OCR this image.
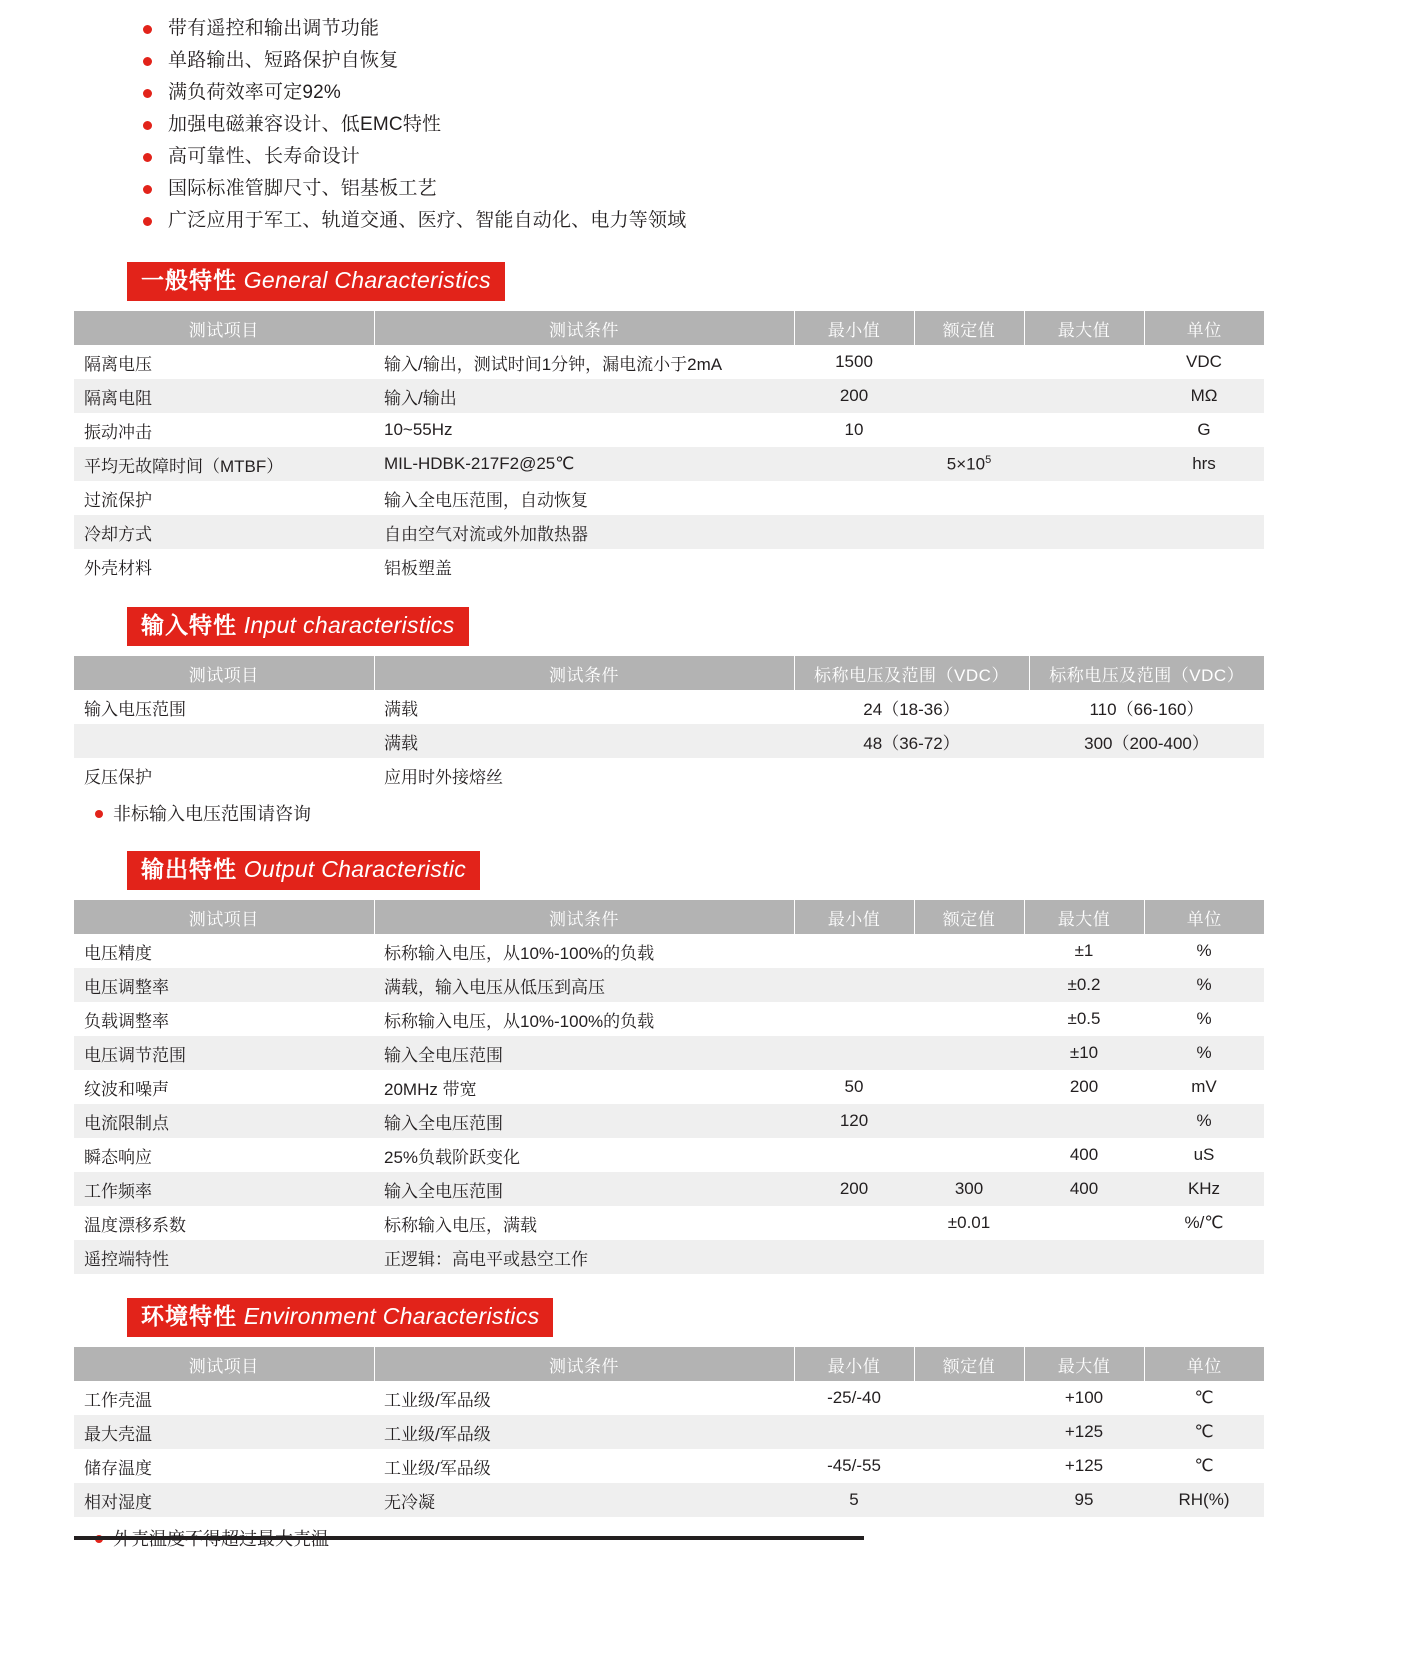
带有遥控和输出调节功能
单路输出、短路保护自恢复
满负荷效率可定92%
加强电磁兼容设计、低EMC特性
高可靠性、长寿命设计
国际标准管脚尺寸、铝基板工艺
广泛应用于军工、轨道交通、医疗、智能自动化、电力等领域
一般特性 General Characteristics
测试项目	测试条件	最小值	额定值	最大值	单位
隔离电压	输入/输出，测试时间1分钟，漏电流小于2mA	1500			VDC
隔离电阻	输入/输出	200			MΩ
振动冲击	10~55Hz	10			G
平均无故障时间（MTBF）	MIL-HDBK-217F2@25℃		$5\times 10^5$		hrs
过流保护	输入全电压范围，自动恢复				
冷却方式	自由空气对流或外加散热器				
外壳材料	铝板塑盖				
输入特性 Input characteristics
测试项目	测试条件	标称电压及范围（VDC）	标称电压及范围（VDC）
输入电压范围	满载	24（18-36）	110（66-160）
	满载	48（36-72）	300（200-400）
反压保护	应用时外接熔丝		
非标输入电压范围请咨询
输出特性 Output Characteristic
测试项目	测试条件	最小值	额定值	最大值	单位
电压精度	标称输入电压，从10%-100%的负载			±1	%
电压调整率	满载，输入电压从低压到高压			±0.2	%
负载调整率	标称输入电压，从10%-100%的负载			±0.5	%
电压调节范围	输入全电压范围			±10	%
纹波和噪声	20MHz 带宽	50		200	mV
电流限制点	输入全电压范围	120			%
瞬态响应	25%负载阶跃变化			400	uS
工作频率	输入全电压范围	200	300	400	KHz
温度漂移系数	标称输入电压，满载		±0.01		%/℃
遥控端特性	正逻辑：高电平或悬空工作				
环境特性 Environment Characteristics
测试项目	测试条件	最小值	额定值	最大值	单位
工作壳温	工业级/军品级	-25/-40		+100	℃
最大壳温	工业级/军品级			+125	℃
储存温度	工业级/军品级	-45/-55		+125	℃
相对湿度	无冷凝	5		95	RH(%)
